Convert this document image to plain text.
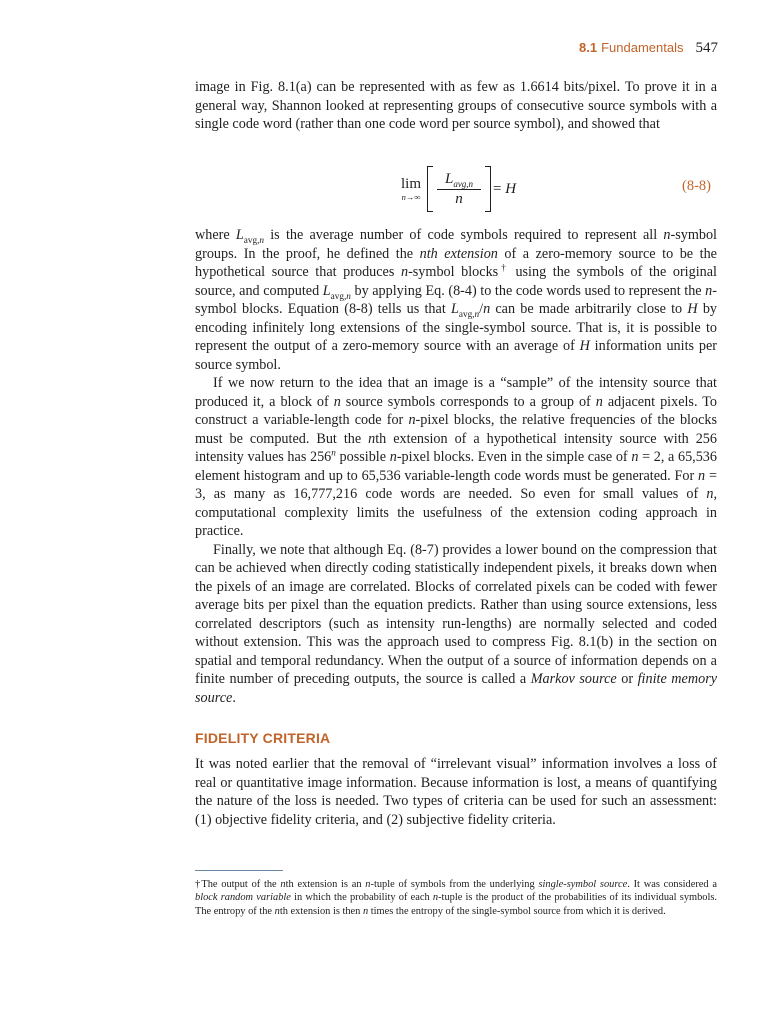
8.1 Fundamentals 547

image in Fig. 8.1(a) can be represented with as few as 1.6614 bits/pixel. To prove it in a general way, Shannon looked at representing groups of consecutive source symbols with a single code word (rather than one code word per source symbol), and showed that

lim
$n\to\infty \frac{L_{avg,n}}{n} = H$	(8-8)

where $L_{avg,n}$ is the average number of code symbols required to represent all n-symbol groups. In the proof, he defined the nth extension of a zero-memory source to be the hypothetical source that produces n-symbol blocks† using the symbols of the original source, and computed $L_{avg,n}$ by applying Eq. (8-4) to the code words used to represent the n-symbol blocks. Equation (8-8) tells us that $L_{avg,n}/n$ can be made arbitrarily close to H by encoding infinitely long extensions of the single-symbol source. That is, it is possible to represent the output of a zero-memory source with an average of H information units per source symbol.

If we now return to the idea that an image is a “sample” of the intensity source that produced it, a block of n source symbols corresponds to a group of n adjacent pixels. To construct a variable-length code for n-pixel blocks, the relative frequencies of the blocks must be computed. But the nth extension of a hypothetical intensity source with 256 intensity values has 256$^n$ possible n-pixel blocks. Even in the simple case of n = 2, a 65,536 element histogram and up to 65,536 variable-length code words must be generated. For n = 3, as many as 16,777,216 code words are needed. So even for small values of n, computational complexity limits the usefulness of the extension coding approach in practice.

Finally, we note that although Eq. (8-7) provides a lower bound on the compression that can be achieved when directly coding statistically independent pixels, it breaks down when the pixels of an image are correlated. Blocks of correlated pixels can be coded with fewer average bits per pixel than the equation predicts. Rather than using source extensions, less correlated descriptors (such as intensity run-lengths) are normally selected and coded without extension. This was the approach used to compress Fig. 8.1(b) in the section on spatial and temporal redundancy. When the output of a source of information depends on a finite number of preceding outputs, the source is called a Markov source or finite memory source.

FIDELITY CRITERIA

It was noted earlier that the removal of “irrelevant visual” information involves a loss of real or quantitative image information. Because information is lost, a means of quantifying the nature of the loss is needed. Two types of criteria can be used for such an assessment: (1) objective fidelity criteria, and (2) subjective fidelity criteria.

†The output of the nth extension is an n-tuple of symbols from the underlying single-symbol source. It was considered a block random variable in which the probability of each n-tuple is the product of the probabilities of its individual symbols. The entropy of the nth extension is then n times the entropy of the single-symbol source from which it is derived.
